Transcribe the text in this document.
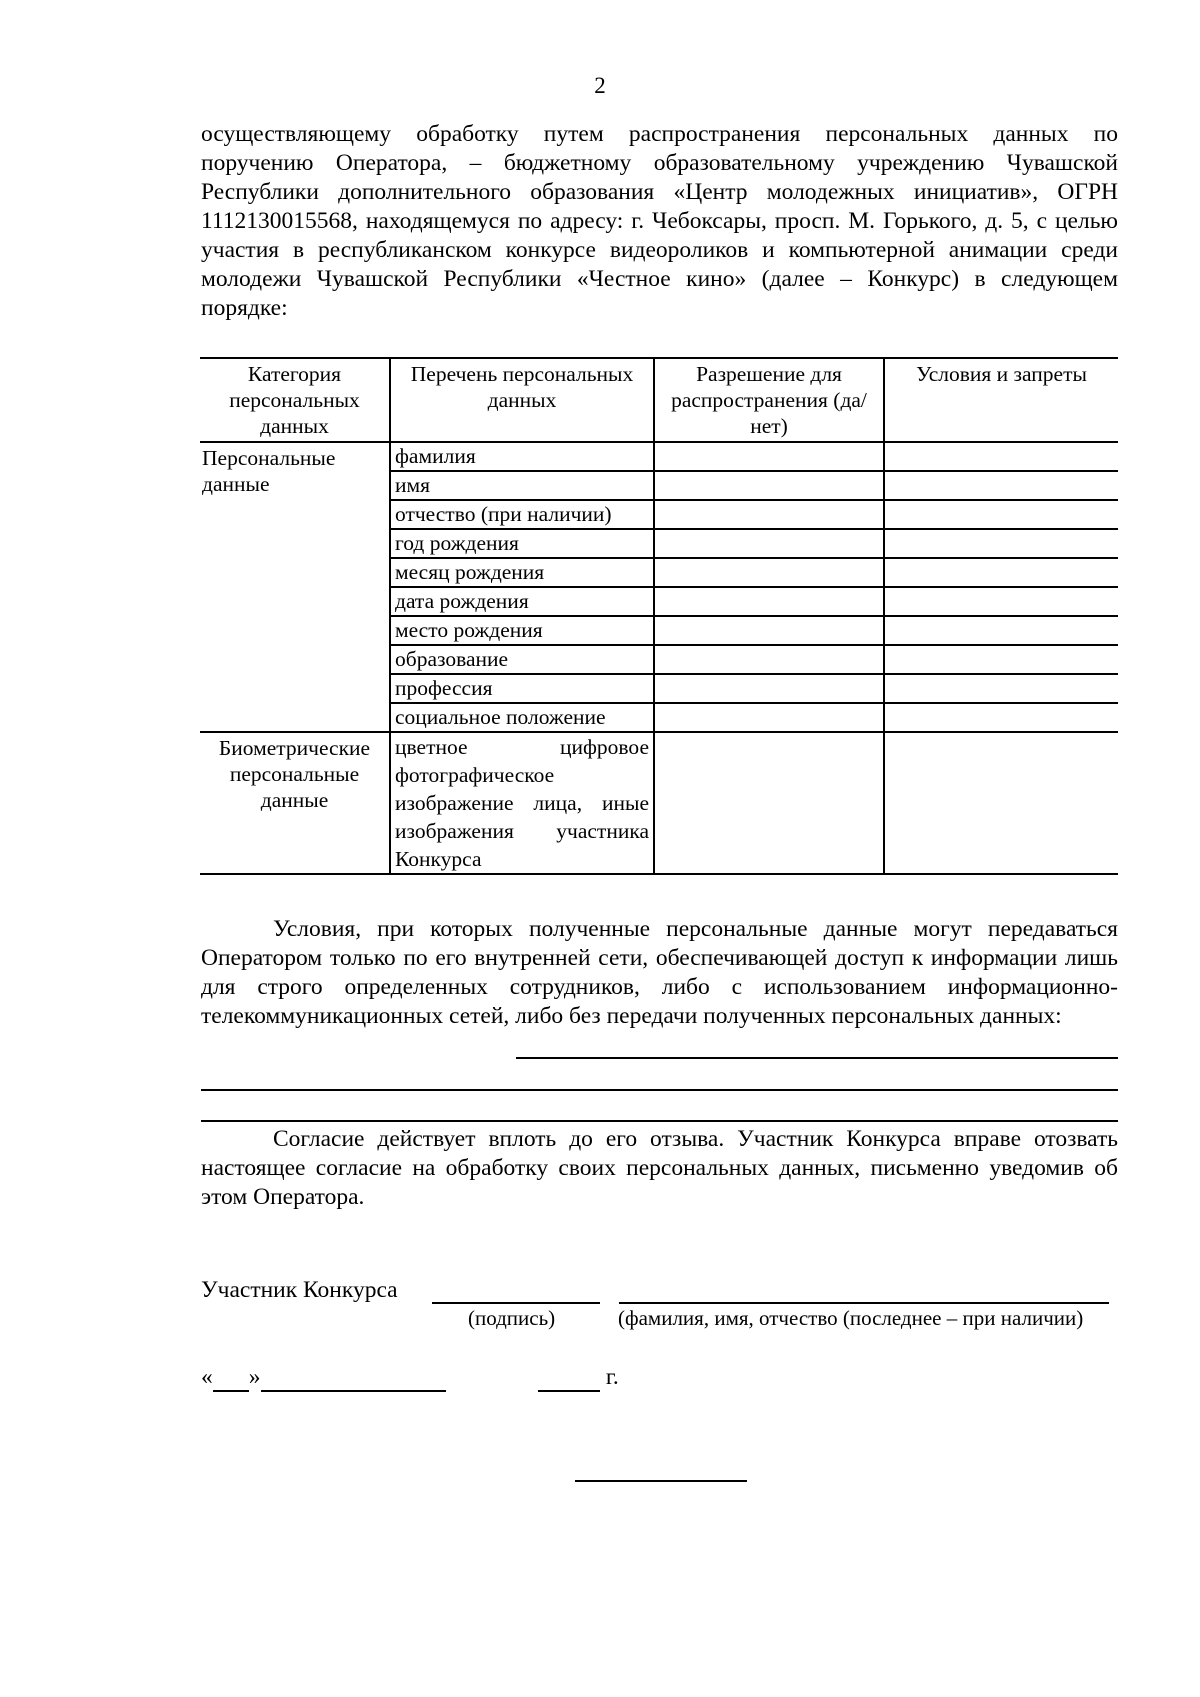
2
осуществляющему обработку путем распространения персональных данных по поручению Оператора, – бюджетному образовательному учреждению Чувашской Республики дополнительного образования «Центр молодежных инициатив», ОГРН 1112130015568, находящемуся по адресу: г. Чебоксары, просп. М. Горького, д. 5, с целью участия в республиканском конкурсе видеороликов и компьютерной анимации среди молодежи Чувашской Республики «Честное кино» (далее – Конкурс) в следующем порядке:
Категория персональных данных	Перечень персональных данных	Разрешение для распространения (да/нет)	Условия и запреты
Персональные данные	фамилия		
	имя		
	отчество (при наличии)		
	год рождения		
	месяц рождения		
	дата рождения		
	место рождения		
	образование		
	профессия		
	социальное положение		
Биометрические персональные данные	цветное цифровое фотографическое изображение лица, иные изображения участника Конкурса		
Условия, при которых полученные персональные данные могут передаваться Оператором только по его внутренней сети, обеспечивающей доступ к информации лишь для строго определенных сотрудников, либо с использованием информационно-телекоммуникационных сетей, либо без передачи полученных персональных данных:
Согласие действует вплоть до его отзыва. Участник Конкурса вправе отозвать настоящее согласие на обработку своих персональных данных, письменно уведомив об этом Оператора.
Участник Конкурса
(подпись)	(фамилия, имя, отчество (последнее – при наличии)
« »	г.
